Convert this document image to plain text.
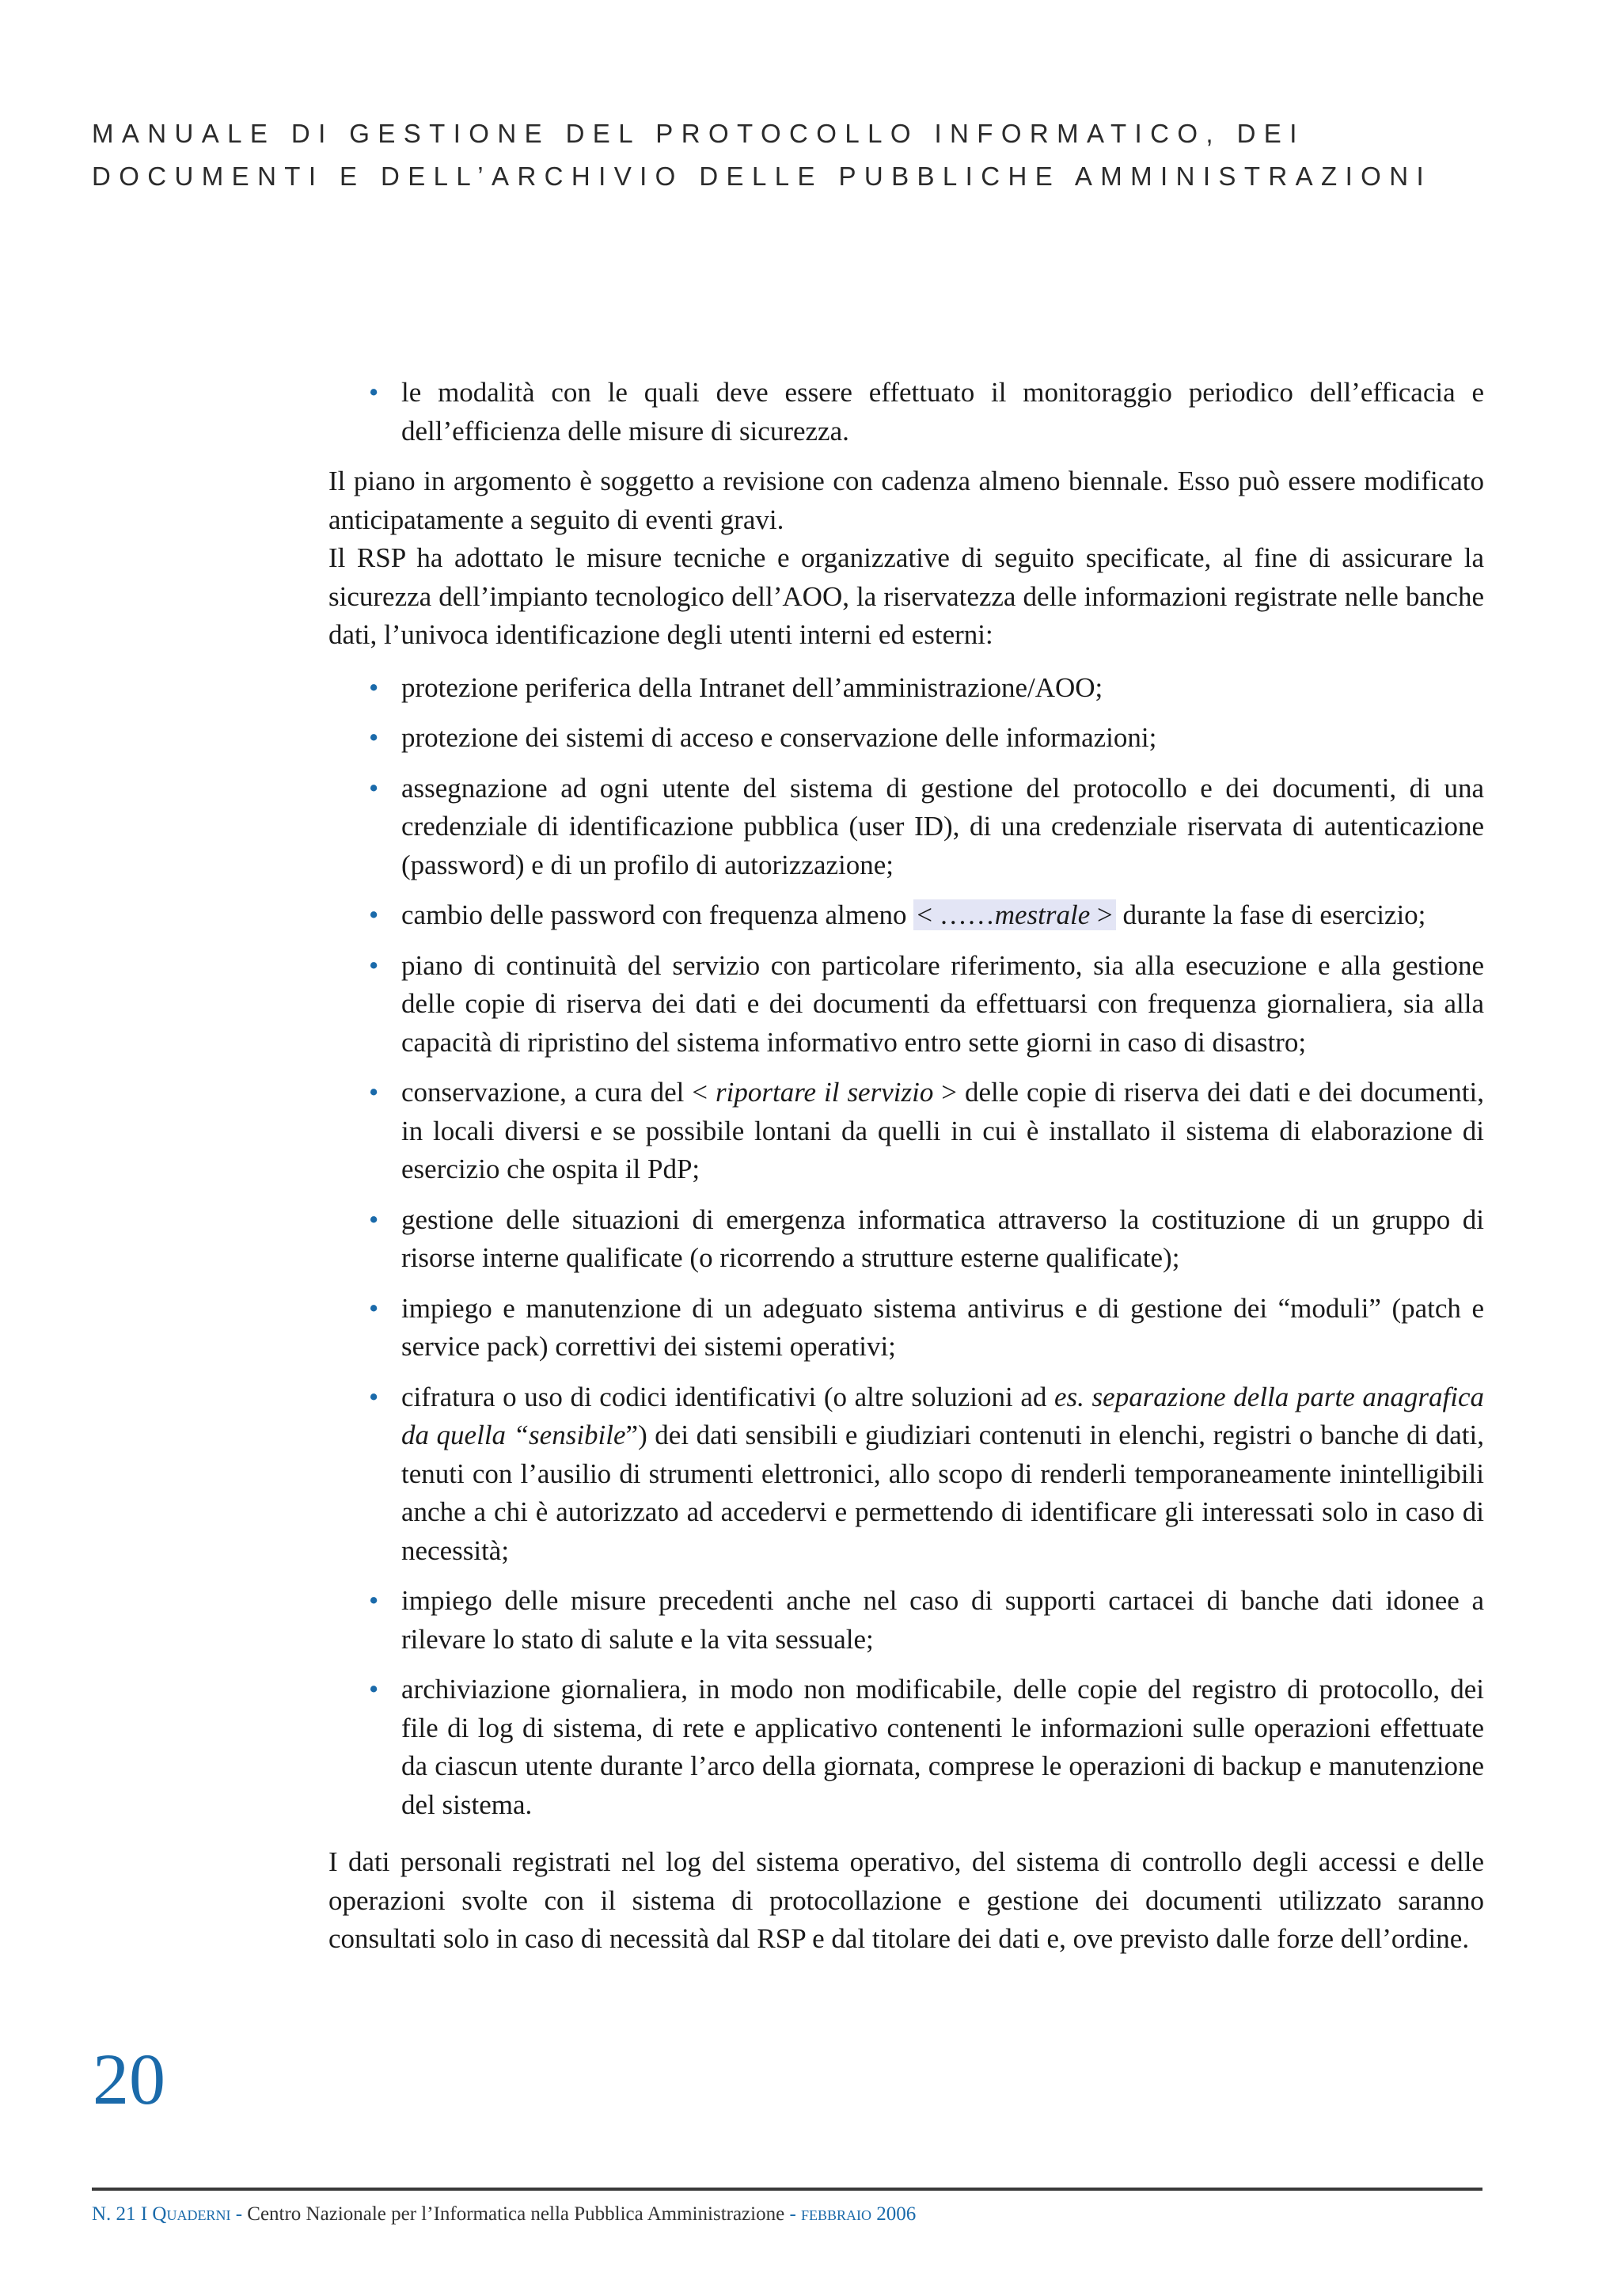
MANUALE DI GESTIONE DEL PROTOCOLLO INFORMATICO, DEI
DOCUMENTI E DELL’ARCHIVIO DELLE PUBBLICHE AMMINISTRAZIONI
• le modalità con le quali deve essere effettuato il monitoraggio periodico dell’efficacia e dell’efficienza delle misure di sicurezza.

Il piano in argomento è soggetto a revisione con cadenza almeno biennale. Esso può essere modificato anticipatamente a seguito di eventi gravi.

Il RSP ha adottato le misure tecniche e organizzative di seguito specificate, al fine di assicurare la sicurezza dell’impianto tecnologico dell’AOO, la riservatezza delle informazioni registrate nelle banche dati, l’univoca identificazione degli utenti interni ed esterni:

• protezione periferica della Intranet dell’amministrazione/AOO;
• protezione dei sistemi di acceso e conservazione delle informazioni;
• assegnazione ad ogni utente del sistema di gestione del protocollo e dei documenti, di una credenziale di identificazione pubblica (user ID), di una credenziale riservata di autenticazione (password) e di un profilo di autorizzazione;
• cambio delle password con frequenza almeno < ……mestrale > durante la fase di esercizio;
• piano di continuità del servizio con particolare riferimento, sia alla esecuzione e alla gestione delle copie di riserva dei dati e dei documenti da effettuarsi con frequenza giornaliera, sia alla capacità di ripristino del sistema informativo entro sette giorni in caso di disastro;
• conservazione, a cura del < riportare il servizio > delle copie di riserva dei dati e dei documenti, in locali diversi e se possibile lontani da quelli in cui è installato il sistema di elaborazione di esercizio che ospita il PdP;
• gestione delle situazioni di emergenza informatica attraverso la costituzione di un gruppo di risorse interne qualificate (o ricorrendo a strutture esterne qualificate);
• impiego e manutenzione di un adeguato sistema antivirus e di gestione dei “moduli” (patch e service pack) correttivi dei sistemi operativi;
• cifratura o uso di codici identificativi (o altre soluzioni ad es. separazione della parte anagrafica da quella “sensibile”) dei dati sensibili e giudiziari contenuti in elenchi, registri o banche di dati, tenuti con l’ausilio di strumenti elettronici, allo scopo di renderli temporaneamente inintelligibili anche a chi è autorizzato ad accedervi e permettendo di identificare gli interessati solo in caso di necessità;
• impiego delle misure precedenti anche nel caso di supporti cartacei di banche dati idonee a rilevare lo stato di salute e la vita sessuale;
• archiviazione giornaliera, in modo non modificabile, delle copie del registro di protocollo, dei file di log di sistema, di rete e applicativo contenenti le informazioni sulle operazioni effettuate da ciascun utente durante l’arco della giornata, comprese le operazioni di backup e manutenzione del sistema.

I dati personali registrati nel log del sistema operativo, del sistema di controllo degli accessi e delle operazioni svolte con il sistema di protocollazione e gestione dei documenti utilizzato saranno consultati solo in caso di necessità dal RSP e dal titolare dei dati e, ove previsto dalle forze dell’ordine.

20
N. 21 I Quaderni - Centro Nazionale per l’Informatica nella Pubblica Amministrazione - febbraio 2006
